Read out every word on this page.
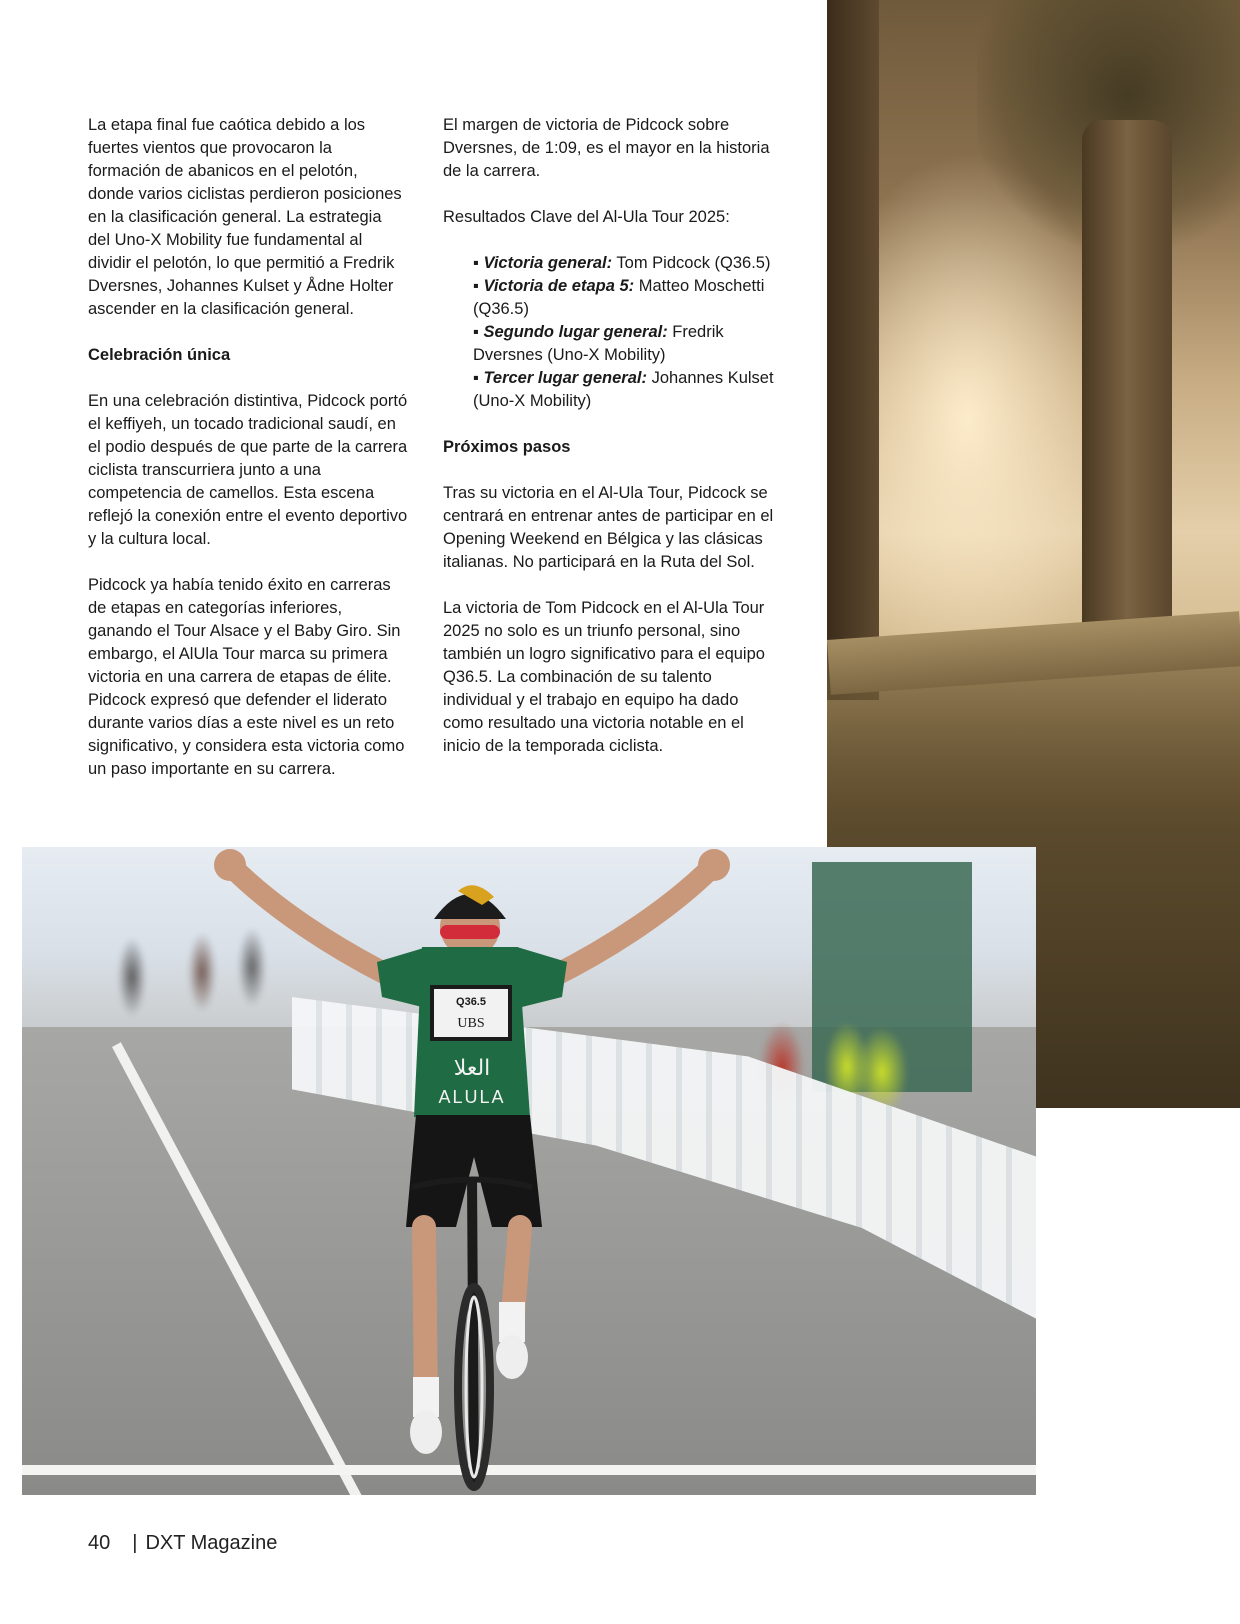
La etapa final fue caótica debido a los fuertes vientos que provocaron la formación de abanicos en el pelotón, donde varios ciclistas perdieron posiciones en la clasificación general. La estrategia del Uno-X Mobility fue fundamental al dividir el pelotón, lo que permitió a Fredrik Dversnes, Johannes Kulset y Ådne Holter ascender en la clasificación general.

Celebración única

En una celebración distintiva, Pidcock portó el keffiyeh, un tocado tradicional saudí, en el podio después de que parte de la carrera ciclista transcurriera junto a una competencia de camellos. Esta escena reflejó la conexión entre el evento deportivo y la cultura local.

Pidcock ya había tenido éxito en carreras de etapas en categorías inferiores, ganando el Tour Alsace y el Baby Giro. Sin embargo, el AlUla Tour marca su primera victoria en una carrera de etapas de élite. Pidcock expresó que defender el liderato durante varios días a este nivel es un reto significativo, y considera esta victoria como un paso importante en su carrera.

El margen de victoria de Pidcock sobre Dversnes, de 1:09, es el mayor en la historia de la carrera.

Resultados Clave del Al-Ula Tour 2025:

▪ Victoria general: Tom Pidcock (Q36.5)
▪ Victoria de etapa 5: Matteo Moschetti (Q36.5)
▪ Segundo lugar general: Fredrik Dversnes (Uno-X Mobility)
▪ Tercer lugar general: Johannes Kulset (Uno-X Mobility)

Próximos pasos

Tras su victoria en el Al-Ula Tour, Pidcock se centrará en entrenar antes de participar en el Opening Weekend en Bélgica y las clásicas italianas. No participará en la Ruta del Sol.

La victoria de Tom Pidcock en el Al-Ula Tour 2025 no solo es un triunfo personal, sino también un logro significativo para el equipo Q36.5. La combinación de su talento individual y el trabajo en equipo ha dado como resultado una victoria notable en el inicio de la temporada ciclista.

Q36.5
UBS
العلا
ALULA
40 | DXT Magazine
